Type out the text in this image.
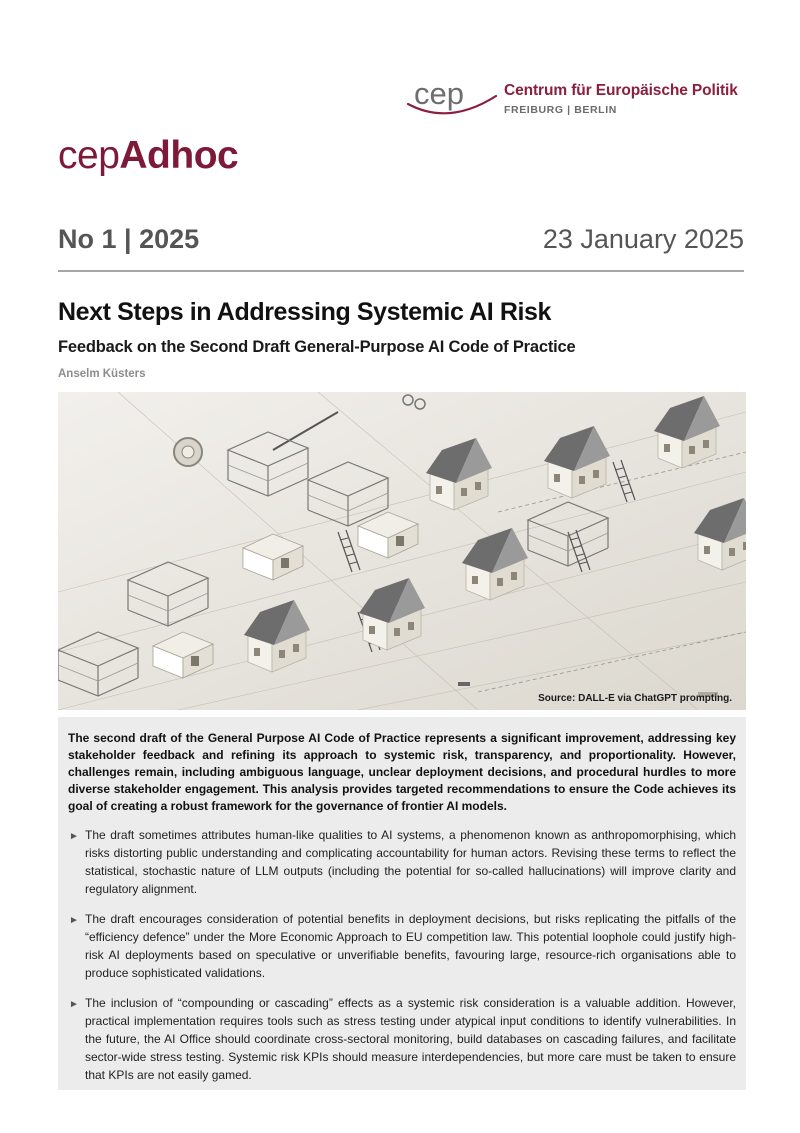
cep	Centrum für Europäische Politik
FREIBURG | BERLIN
cepAdhoc
No 1 | 2025	23 January 2025
Next Steps in Addressing Systemic AI Risk
Feedback on the Second Draft General-Purpose AI Code of Practice
Anselm Küsters
Source: DALL-E via ChatGPT prompting.

The second draft of the General Purpose AI Code of Practice represents a significant improvement, addressing key stakeholder feedback and refining its approach to systemic risk, transparency, and proportionality. However, challenges remain, including ambiguous language, unclear deployment decisions, and procedural hurdles to more diverse stakeholder engagement. This analysis provides targeted recommendations to ensure the Code achieves its goal of creating a robust framework for the governance of frontier AI models.

► The draft sometimes attributes human-like qualities to AI systems, a phenomenon known as anthropomorphising, which risks distorting public understanding and complicating accountability for human actors. Revising these terms to reflect the statistical, stochastic nature of LLM outputs (including the potential for so-called hallucinations) will improve clarity and regulatory alignment.
► The draft encourages consideration of potential benefits in deployment decisions, but risks replicating the pitfalls of the “efficiency defence” under the More Economic Approach to EU competition law. This potential loophole could justify high-risk AI deployments based on speculative or unverifiable benefits, favouring large, resource-rich organisations able to produce sophisticated validations.
► The inclusion of “compounding or cascading” effects as a systemic risk consideration is a valuable addition. However, practical implementation requires tools such as stress testing under atypical input conditions to identify vulnerabilities. In the future, the AI Office should coordinate cross-sectoral monitoring, build databases on cascading failures, and facilitate sector-wide stress testing. Systemic risk KPIs should measure interdependencies, but more care must be taken to ensure that KPIs are not easily gamed.
